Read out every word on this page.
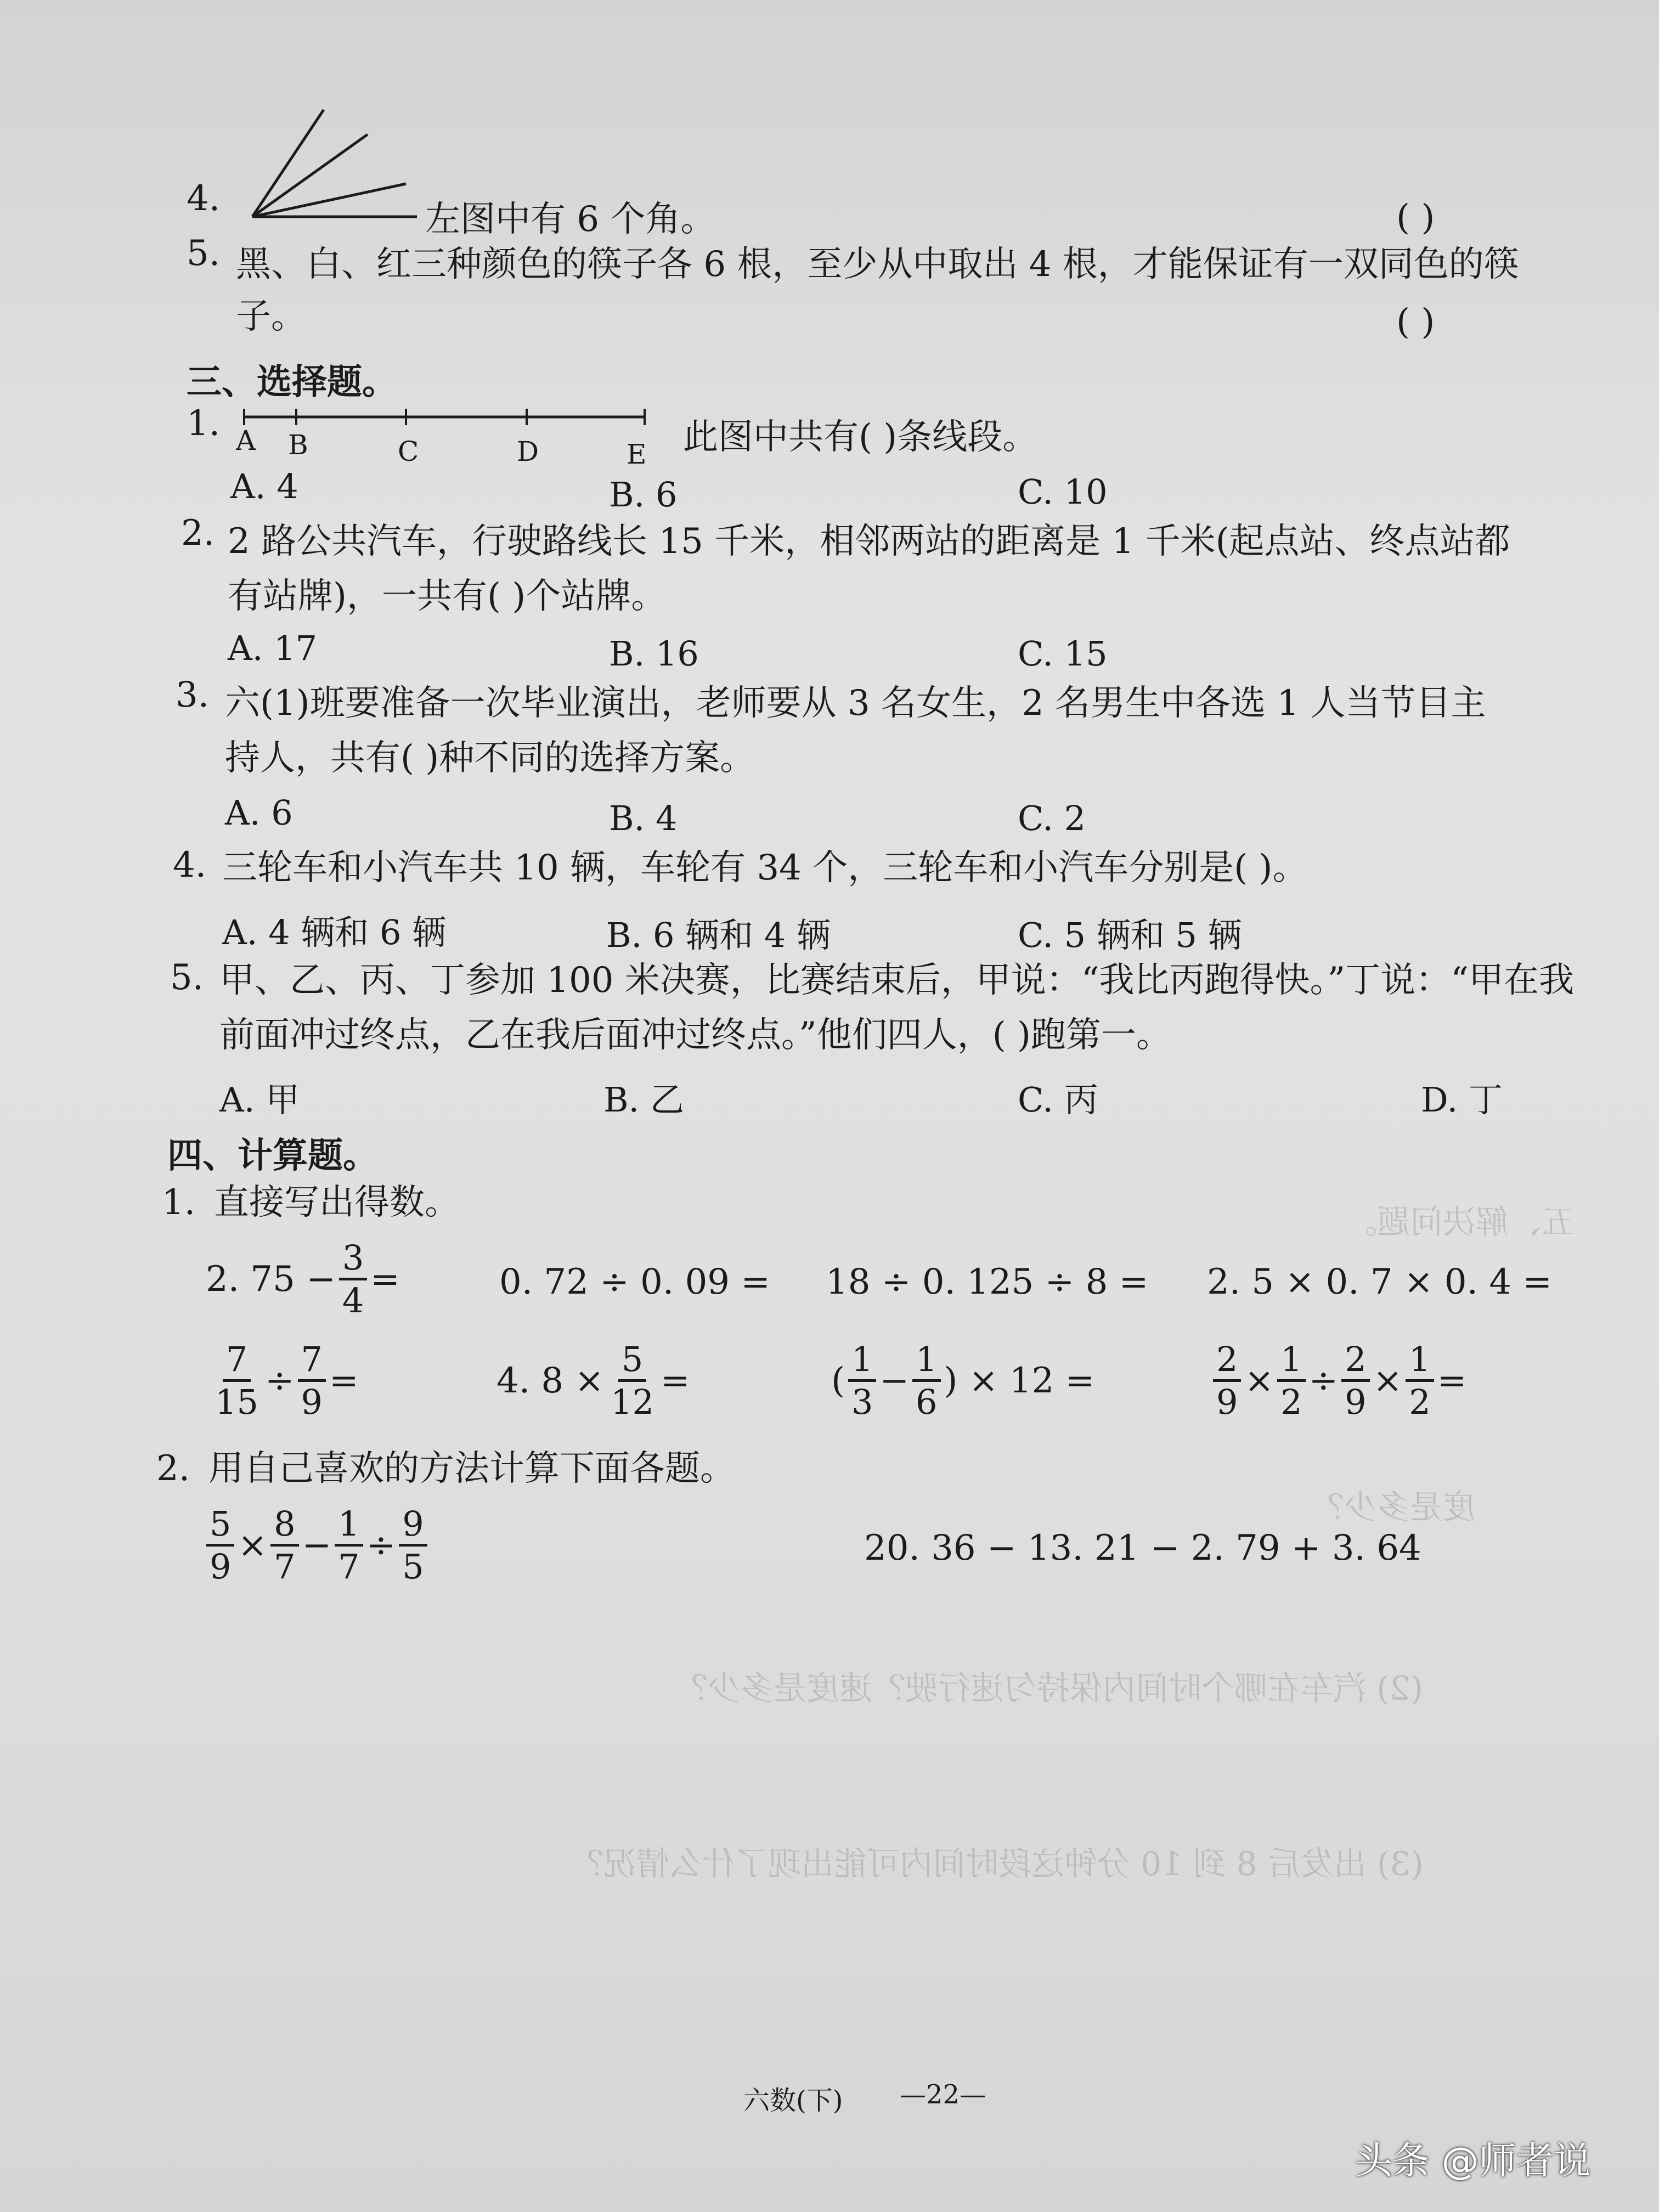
五、解决问题。
(2) 汽车在哪个时间内保持匀速行驶？速度是多少？
(3) 出发后 8 到 10 分钟这段时间内可能出现了什么情况？
度是多少？
4.
左图中有 6 个角。	( )
5. 黑、白、红三种颜色的筷子各 6 根，至少从中取出 4 根，才能保证有一双同色的筷
子。	( )
三、选择题。
1. A B	C	D	E 此图中共有( )条线段。
A. 4	B. 6	C. 10
2. 2 路公共汽车，行驶路线长 15 千米，相邻两站的距离是 1 千米(起点站、终点站都
有站牌)，一共有( )个站牌。
A. 17	B. 16	C. 15
3. 六(1)班要准备一次毕业演出，老师要从 3 名女生，2 名男生中各选 1 人当节目主
持人，共有( )种不同的选择方案。
A. 6	B. 4	C. 2
4. 三轮车和小汽车共 10 辆，车轮有 34 个，三轮车和小汽车分别是( )。
A. 4 辆和 6 辆	B. 6 辆和 4 辆	C. 5 辆和 5 辆
5. 甲、乙、丙、丁参加 100 米决赛，比赛结束后，甲说：“我比丙跑得快。”丁说：“甲在我
前面冲过终点，乙在我后面冲过终点。”他们四人，( )跑第一。
A. 甲	B. 乙	C. 丙	D. 丁
四、计算题。
1. 直接写出得数。
2. $75 - \frac{3}{4}$ =	0. 72 ÷ 0. 09 = 18 ÷ 0. 125 ÷ 8 = 2. 5 × 0. 7 × 0. 4 =
$\frac{7}{15} \div \frac{7}{9}$ =	4. $8 \times \frac{5}{12}$ =	( $\frac{1}{3} - \frac{1}{6}$ ) × 12 =	$\frac{2}{9} \times \frac{1}{2} \div \frac{2}{9} \times \frac{1}{2}$ =
2. 用自己喜欢的方法计算下面各题。
$\frac{5}{9} \times \frac{8}{7} - \frac{1}{7} \div \frac{9}{5}$	20. 36 − 13. 21 − 2. 79 + 3. 64
六数(下) —22—
头条 @师者说
